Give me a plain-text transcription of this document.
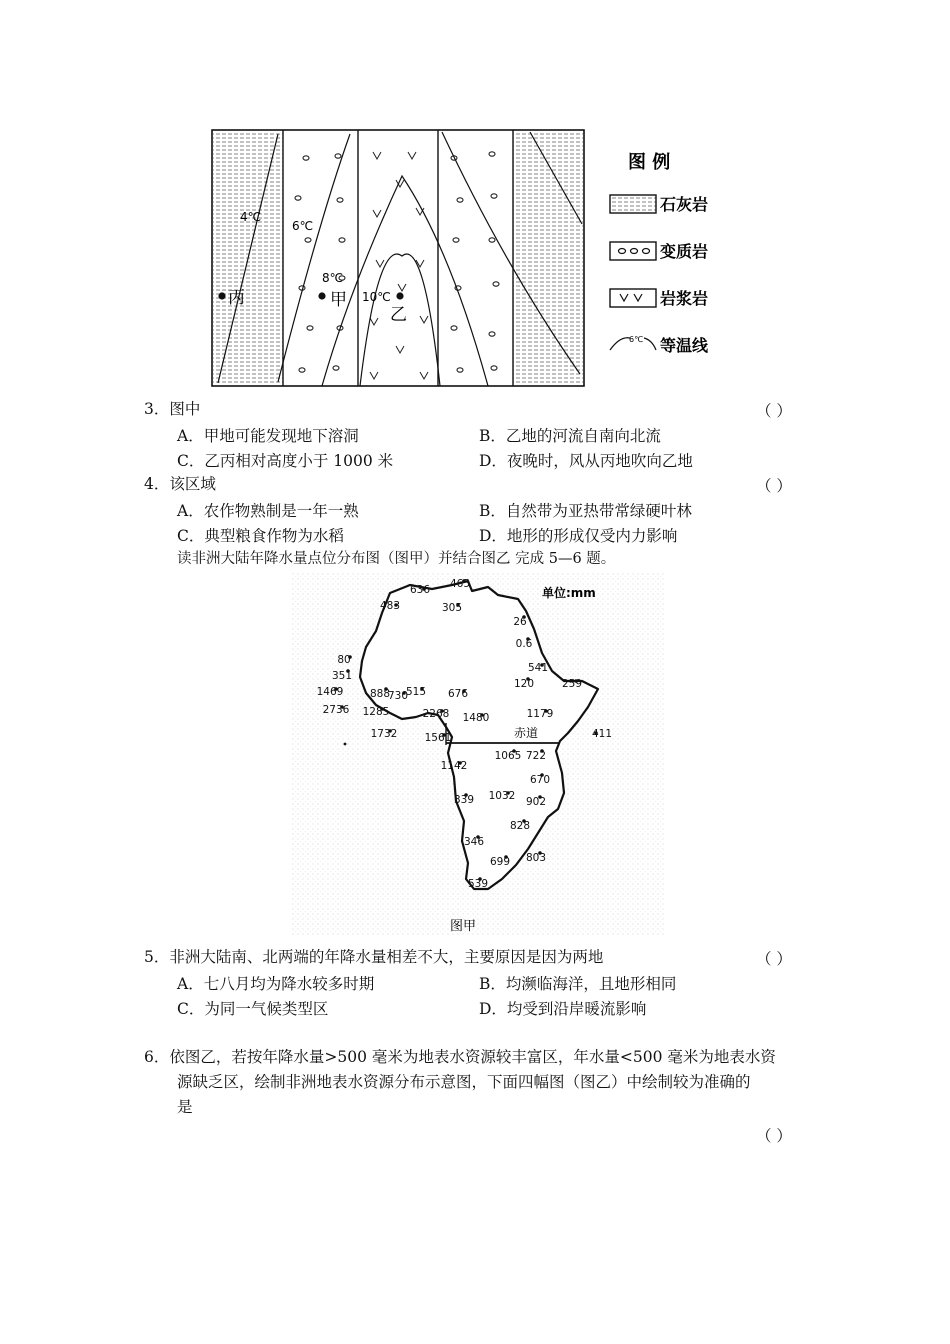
4℃
6℃
8℃
10℃
丙	甲
乙
图 例
石灰岩
变质岩
岩浆岩
6℃ 等温线
3．图中	（ ）
A．甲地可能发现地下溶洞	B．乙地的河流自南向北流
C．乙丙相对高度小于 1000 米	D．夜晚时，风从丙地吹向乙地
4．该区域	（ ）
A．农作物熟制是一年一熟	B．自然带为亚热带常绿硬叶林
C．典型粮食作物为水稻	D．地形的形成仅受内力影响
读非洲大陆年降水量点位分布图（图甲）并结合图乙 完成 5—6 题。
单位:mm
赤道
图甲
465
636
483	305
26
0.6
80
541
351
120	259
1469	888
730
515 676
1179
2736 1285	2268 1480
411
1732	1561
1065 722
1142
670
339 1032 902
828
346
699 803
539
5．非洲大陆南、北两端的年降水量相差不大，主要原因是因为两地	（ ）
A．七八月均为降水较多时期	B．均濒临海洋，且地形相同
C．为同一气候类型区	D．均受到沿岸暖流影响
6．依图乙，若按年降水量>500 毫米为地表水资源较丰富区，年水量<500 毫米为地表水资
源缺乏区，绘制非洲地表水资源分布示意图，下面四幅图（图乙）中绘制较为准确的
是
（ ）
